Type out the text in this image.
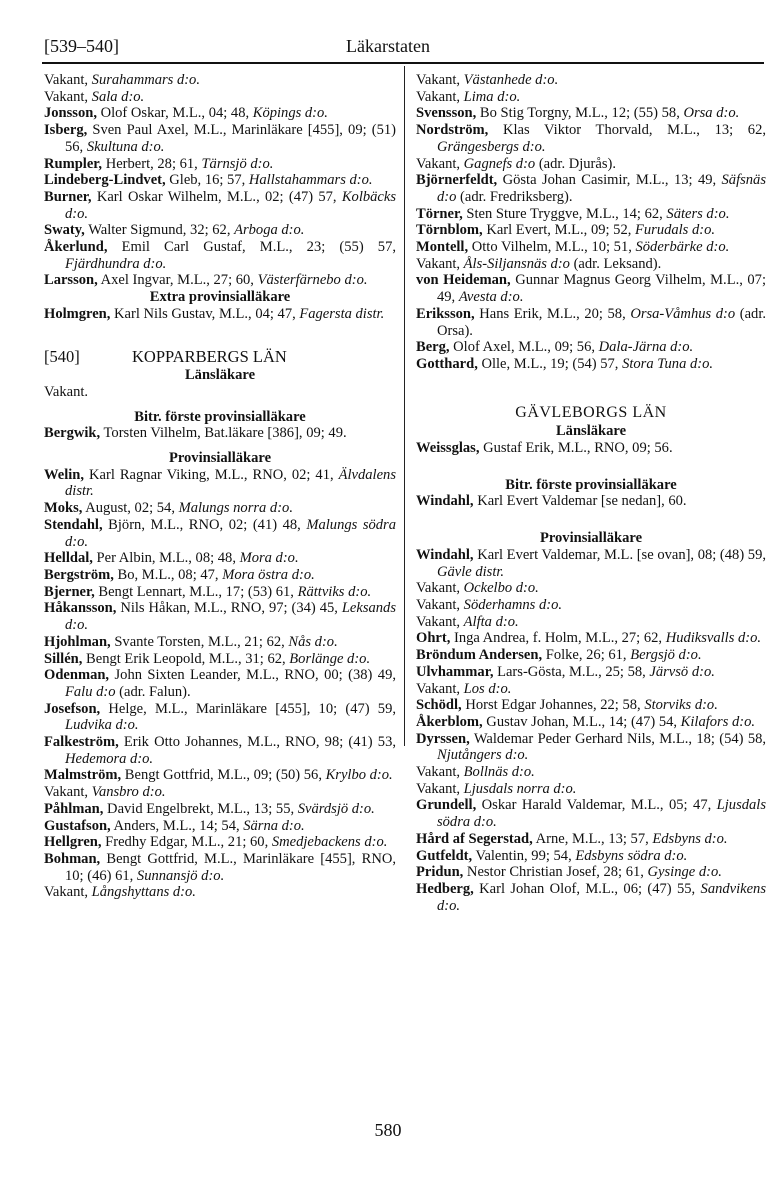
[539–540]	Läkarstaten
Vakant, Surahammars d:o.
Vakant, Sala d:o.
Jonsson, Olof Oskar, M.L., 04; 48, Köpings d:o.
Isberg, Sven Paul Axel, M.L., Marinläkare [455], 09; (51) 56, Skultuna d:o.
Rumpler, Herbert, 28; 61, Tärnsjö d:o.
Lindeberg-Lindvet, Gleb, 16; 57, Hallstahammars d:o.
Burner, Karl Oskar Wilhelm, M.L., 02; (47) 57, Kolbäcks d:o.
Swaty, Walter Sigmund, 32; 62, Arboga d:o.
Åkerlund, Emil Carl Gustaf, M.L., 23; (55) 57, Fjärdhundra d:o.
Larsson, Axel Ingvar, M.L., 27; 60, Västerfärnebo d:o.
Extra provinsialläkare
Holmgren, Karl Nils Gustav, M.L., 04; 47, Fagersta distr.
[540]	KOPPARBERGS LÄN
Länsläkare
Vakant.
Bitr. förste provinsialläkare
Bergwik, Torsten Vilhelm, Bat.läkare [386], 09; 49.
Provinsialläkare
Welin, Karl Ragnar Viking, M.L., RNO, 02; 41, Älvdalens distr.
Moks, August, 02; 54, Malungs norra d:o.
Stendahl, Björn, M.L., RNO, 02; (41) 48, Malungs södra d:o.
Helldal, Per Albin, M.L., 08; 48, Mora d:o.
Bergström, Bo, M.L., 08; 47, Mora östra d:o.
Bjerner, Bengt Lennart, M.L., 17; (53) 61, Rättviks d:o.
Håkansson, Nils Håkan, M.L., RNO, 97; (34) 45, Leksands d:o.
Hjohlman, Svante Torsten, M.L., 21; 62, Nås d:o.
Sillén, Bengt Erik Leopold, M.L., 31; 62, Borlänge d:o.
Odenman, John Sixten Leander, M.L., RNO, 00; (38) 49, Falu d:o (adr. Falun).
Josefson, Helge, M.L., Marinläkare [455], 10; (47) 59, Ludvika d:o.
Falkeström, Erik Otto Johannes, M.L., RNO, 98; (41) 53, Hedemora d:o.
Malmström, Bengt Gottfrid, M.L., 09; (50) 56, Krylbo d:o.
Vakant, Vansbro d:o.
Påhlman, David Engelbrekt, M.L., 13; 55, Svärdsjö d:o.
Gustafson, Anders, M.L., 14; 54, Särna d:o.
Hellgren, Fredhy Edgar, M.L., 21; 60, Smedjebackens d:o.
Bohman, Bengt Gottfrid, M.L., Marinläkare [455], RNO, 10; (46) 61, Sunnansjö d:o.
Vakant, Långshyttans d:o.
Vakant, Västanhede d:o.
Vakant, Lima d:o.
Svensson, Bo Stig Torgny, M.L., 12; (55) 58, Orsa d:o.
Nordström, Klas Viktor Thorvald, M.L., 13; 62, Grängesbergs d:o.
Vakant, Gagnefs d:o (adr. Djurås).
Björnerfeldt, Gösta Johan Casimir, M.L., 13; 49, Säfsnäs d:o (adr. Fredriksberg).
Törner, Sten Sture Tryggve, M.L., 14; 62, Säters d:o.
Törnblom, Karl Evert, M.L., 09; 52, Furudals d:o.
Montell, Otto Vilhelm, M.L., 10; 51, Söderbärke d:o.
Vakant, Åls-Siljansnäs d:o (adr. Leksand).
von Heideman, Gunnar Magnus Georg Vilhelm, M.L., 07; 49, Avesta d:o.
Eriksson, Hans Erik, M.L., 20; 58, Orsa-Våmhus d:o (adr. Orsa).
Berg, Olof Axel, M.L., 09; 56, Dala-Järna d:o.
Gotthard, Olle, M.L., 19; (54) 57, Stora Tuna d:o.
GÄVLEBORGS LÄN
Länsläkare
Weissglas, Gustaf Erik, M.L., RNO, 09; 56.
Bitr. förste provinsialläkare
Windahl, Karl Evert Valdemar [se nedan], 60.
Provinsialläkare
Windahl, Karl Evert Valdemar, M.L. [se ovan], 08; (48) 59, Gävle distr.
Vakant, Ockelbo d:o.
Vakant, Söderhamns d:o.
Vakant, Alfta d:o.
Ohrt, Inga Andrea, f. Holm, M.L., 27; 62, Hudiksvalls d:o.
Bröndum Andersen, Folke, 26; 61, Bergsjö d:o.
Ulvhammar, Lars-Gösta, M.L., 25; 58, Järvsö d:o.
Vakant, Los d:o.
Schödl, Horst Edgar Johannes, 22; 58, Storviks d:o.
Åkerblom, Gustav Johan, M.L., 14; (47) 54, Kilafors d:o.
Dyrssen, Waldemar Peder Gerhard Nils, M.L., 18; (54) 58, Njutångers d:o.
Vakant, Bollnäs d:o.
Vakant, Ljusdals norra d:o.
Grundell, Oskar Harald Valdemar, M.L., 05; 47, Ljusdals södra d:o.
Hård af Segerstad, Arne, M.L., 13; 57, Edsbyns d:o.
Gutfeldt, Valentin, 99; 54, Edsbyns södra d:o.
Pridun, Nestor Christian Josef, 28; 61, Gysinge d:o.
Hedberg, Karl Johan Olof, M.L., 06; (47) 55, Sandvikens d:o.
580
